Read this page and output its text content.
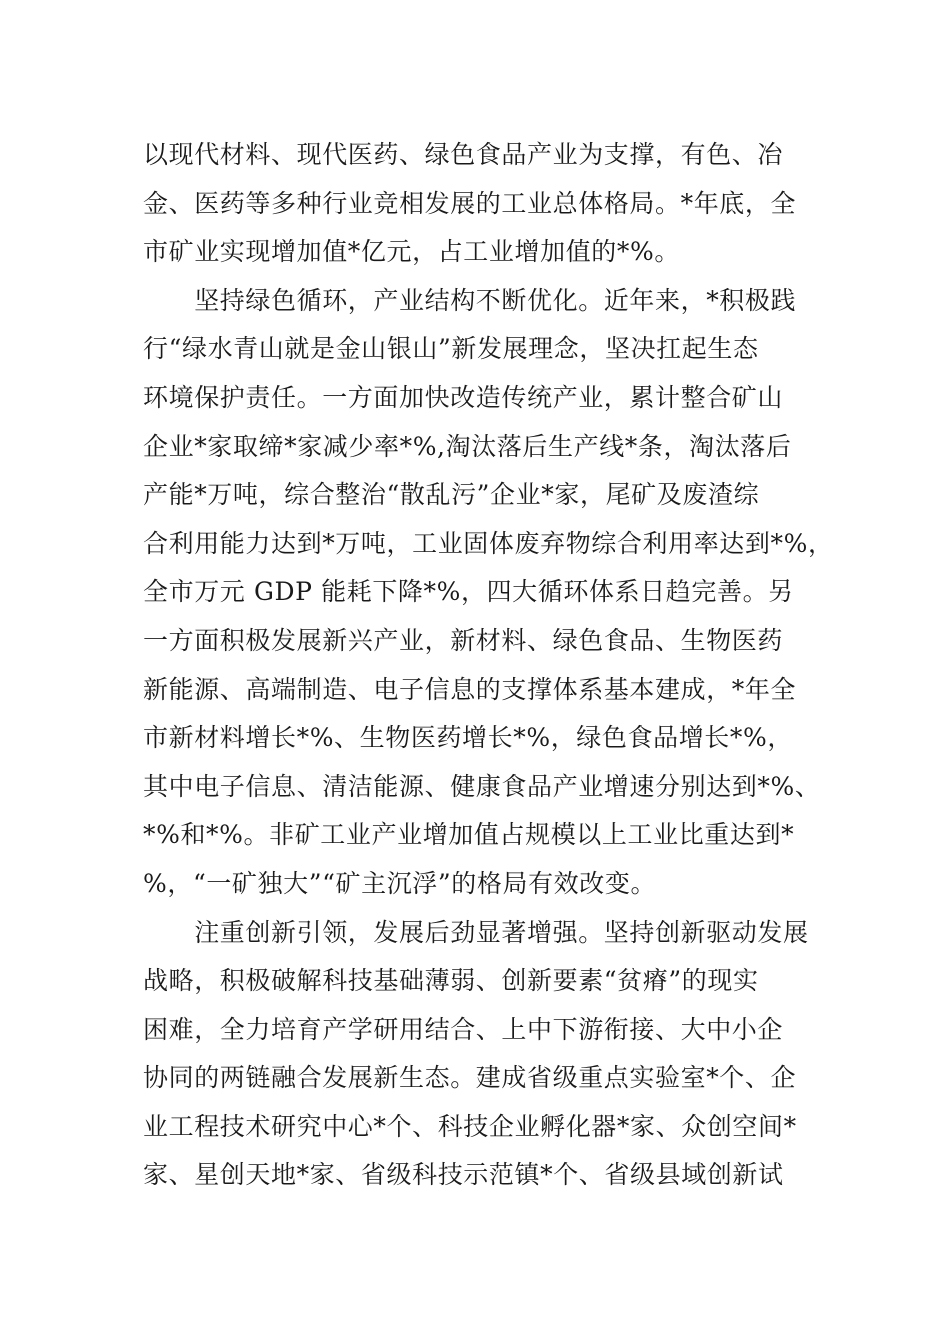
以现代材料、现代医药、绿色食品产业为支撑，有色、冶
金、医药等多种行业竞相发展的工业总体格局。*年底，全
市矿业实现增加值*亿元，占工业增加值的*%。
　　坚持绿色循环，产业结构不断优化。近年来，*积极践
行“绿水青山就是金山银山”新发展理念，坚决扛起生态
环境保护责任。一方面加快改造传统产业，累计整合矿山
企业*家取缔*家减少率*%,淘汰落后生产线*条，淘汰落后
产能*万吨，综合整治“散乱污”企业*家，尾矿及废渣综
合利用能力达到*万吨，工业固体废弃物综合利用率达到*%，
全市万元 GDP 能耗下降*%，四大循环体系日趋完善。另
一方面积极发展新兴产业，新材料、绿色食品、生物医药
新能源、高端制造、电子信息的支撑体系基本建成，*年全
市新材料增长*%、生物医药增长*%，绿色食品增长*%，
其中电子信息、清洁能源、健康食品产业增速分别达到*%、
*%和*%。非矿工业产业增加值占规模以上工业比重达到*
%，“一矿独大”“矿主沉浮”的格局有效改变。
　　注重创新引领，发展后劲显著增强。坚持创新驱动发展
战略，积极破解科技基础薄弱、创新要素“贫瘠”的现实
困难，全力培育产学研用结合、上中下游衔接、大中小企
协同的两链融合发展新生态。建成省级重点实验室*个、企
业工程技术研究中心*个、科技企业孵化器*家、众创空间*
家、星创天地*家、省级科技示范镇*个、省级县域创新试
